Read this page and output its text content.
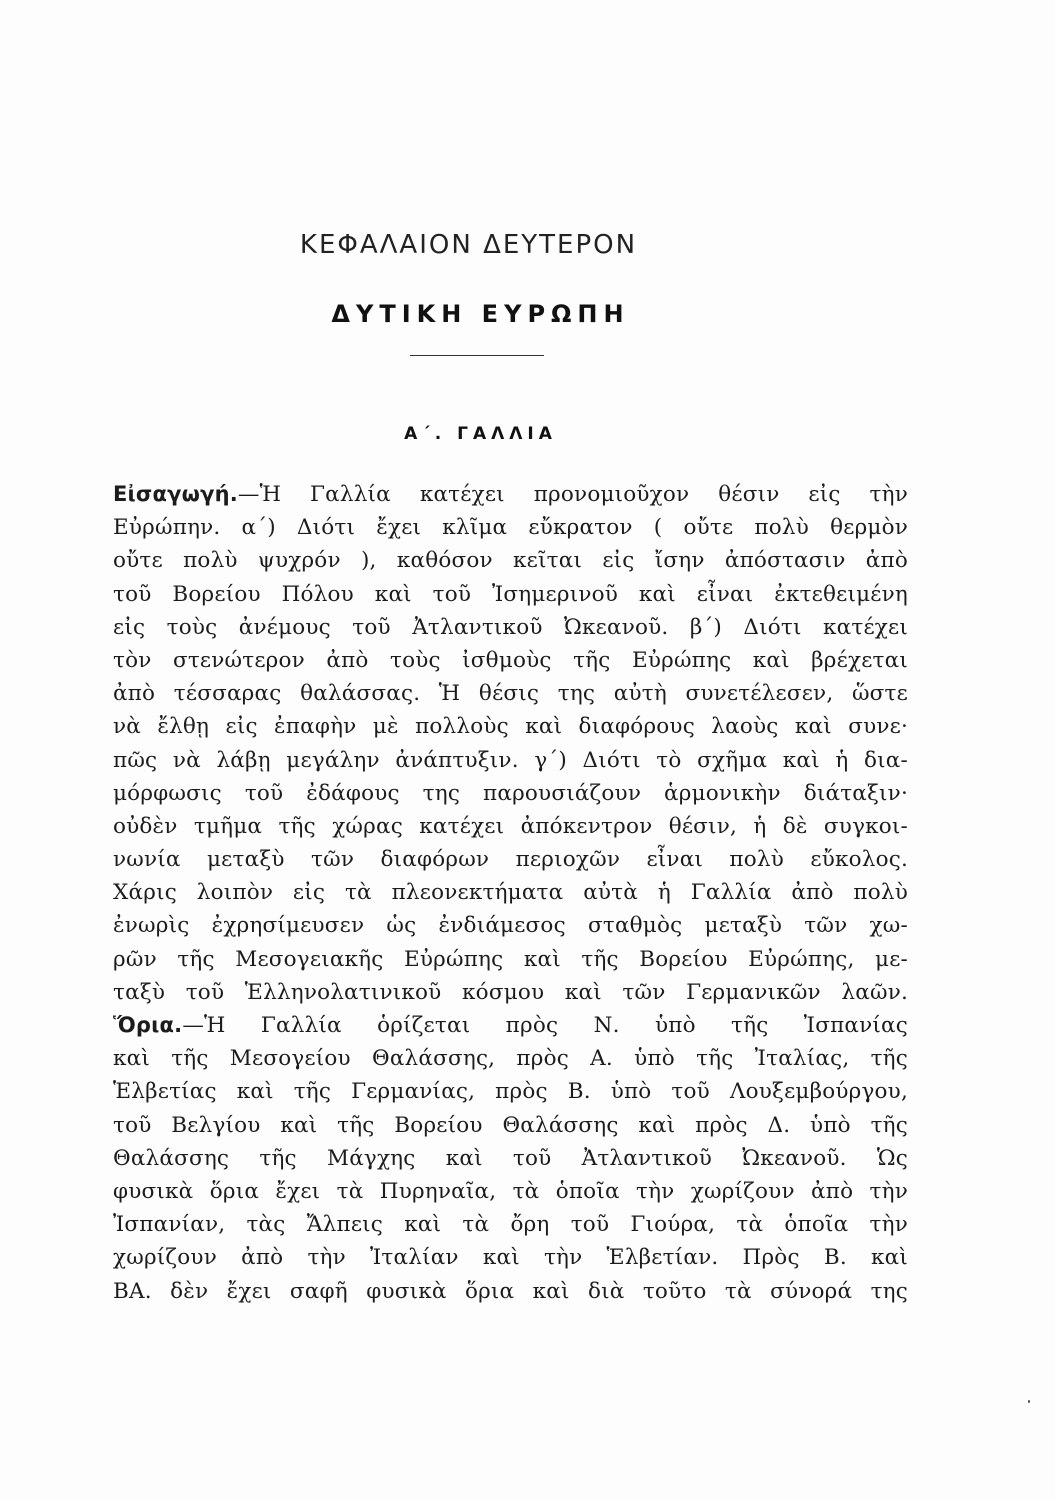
ΚΕΦΑΛΑΙΟΝ ΔΕΥΤΕΡΟΝ
ΔΥΤΙΚΗ ΕΥΡΩΠΗ
Α΄. ΓΑΛΛΙΑ
Εἰσαγωγή.—Ἡ Γαλλία κατέχει προνομιοῦχον θέσιν εἰς τὴν
Εὐρώπην. α΄) Διότι ἔχει κλῖμα εὔκρατον ( οὔτε πολὺ θερμὸν
οὔτε πολὺ ψυχρόν ), καθόσον κεῖται εἰς ἴσην ἀπόστασιν ἀπὸ
τοῦ Βορείου Πόλου καὶ τοῦ Ἰσημερινοῦ καὶ εἶναι ἐκτεθειμένη
εἰς τοὺς ἀνέμους τοῦ Ἀτλαντικοῦ Ὠκεανοῦ. β΄) Διότι κατέχει
τὸν στενώτερον ἀπὸ τοὺς ἰσθμοὺς τῆς Εὐρώπης καὶ βρέχεται
ἀπὸ τέσσαρας θαλάσσας. Ἡ θέσις της αὐτὴ συνετέλεσεν, ὥστε
νὰ ἔλθῃ εἰς ἐπαφὴν μὲ πολλοὺς καὶ διαφόρους λαοὺς καὶ συνε·
πῶς νὰ λάβῃ μεγάλην ἀνάπτυξιν. γ΄) Διότι τὸ σχῆμα καὶ ἡ δια-
μόρφωσις τοῦ ἐδάφους της παρουσιάζουν ἁρμονικὴν διάταξιν·
οὐδὲν τμῆμα τῆς χώρας κατέχει ἀπόκεντρον θέσιν, ἡ δὲ συγκοι-
νωνία μεταξὺ τῶν διαφόρων περιοχῶν εἶναι πολὺ εὔκολος.
Χάρις λοιπὸν εἰς τὰ πλεονεκτήματα αὐτὰ ἡ Γαλλία ἀπὸ πολὺ
ἐνωρὶς ἐχρησίμευσεν ὡς ἐνδιάμεσος σταθμὸς μεταξὺ τῶν χω-
ρῶν τῆς Μεσογειακῆς Εὐρώπης καὶ τῆς Βορείου Εὐρώπης, με-
ταξὺ τοῦ Ἑλληνολατινικοῦ κόσμου καὶ τῶν Γερμανικῶν λαῶν.
Ὅρια.—Ἡ Γαλλία ὁρίζεται πρὸς Ν. ὑπὸ τῆς Ἰσπανίας
καὶ τῆς Μεσογείου Θαλάσσης, πρὸς Α. ὑπὸ τῆς Ἰταλίας, τῆς
Ἑλβετίας καὶ τῆς Γερμανίας, πρὸς Β. ὑπὸ τοῦ Λουξεμβούργου,
τοῦ Βελγίου καὶ τῆς Βορείου Θαλάσσης καὶ πρὸς Δ. ὑπὸ τῆς
Θαλάσσης τῆς Μάγχης καὶ τοῦ Ἀτλαντικοῦ Ὠκεανοῦ. Ὡς
φυσικὰ ὅρια ἔχει τὰ Πυρηναῖα, τὰ ὁποῖα τὴν χωρίζουν ἀπὸ τὴν
Ἰσπανίαν, τὰς Ἄλπεις καὶ τὰ ὄρη τοῦ Γιούρα, τὰ ὁποῖα τὴν
χωρίζουν ἀπὸ τὴν Ἰταλίαν καὶ τὴν Ἑλβετίαν. Πρὸς Β. καὶ
ΒΑ. δὲν ἔχει σαφῆ φυσικὰ ὅρια καὶ διὰ τοῦτο τὰ σύνορά της
